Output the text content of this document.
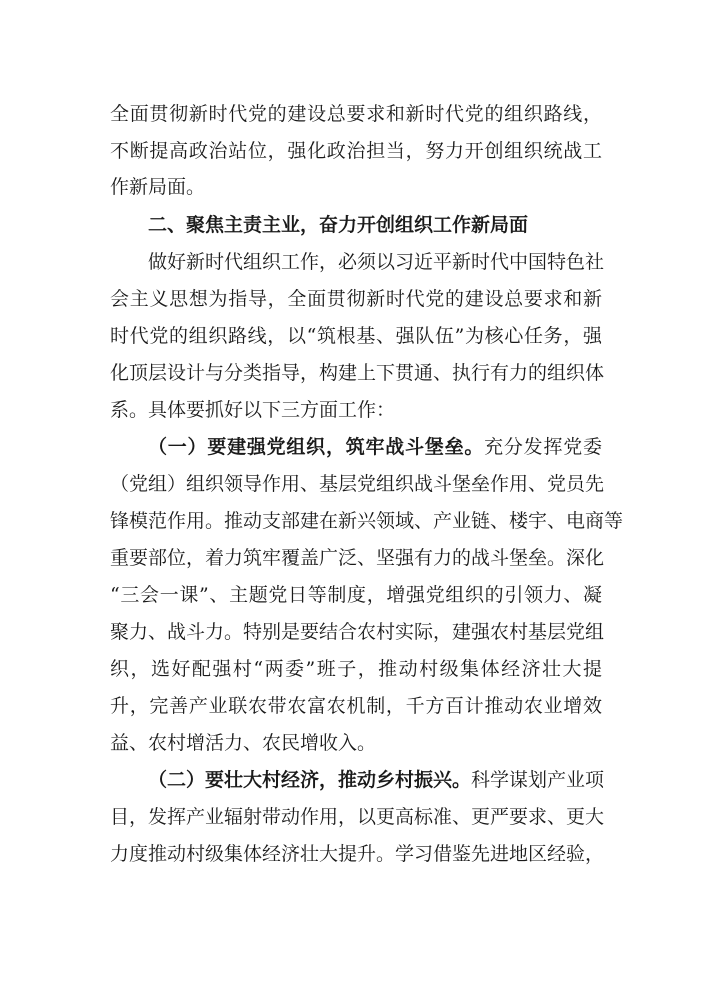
全面贯彻新时代党的建设总要求和新时代党的组织路线，
不断提高政治站位，强化政治担当，努力开创组织统战工
作新局面。
二、聚焦主责主业，奋力开创组织工作新局面
做好新时代组织工作，必须以习近平新时代中国特色社
会主义思想为指导，全面贯彻新时代党的建设总要求和新
时代党的组织路线，以“筑根基、强队伍”为核心任务，强
化顶层设计与分类指导，构建上下贯通、执行有力的组织体
系。具体要抓好以下三方面工作：
（一）要建强党组织，筑牢战斗堡垒。充分发挥党委
（党组）组织领导作用、基层党组织战斗堡垒作用、党员先
锋模范作用。推动支部建在新兴领域、产业链、楼宇、电商等
重要部位，着力筑牢覆盖广泛、坚强有力的战斗堡垒。深化
“三会一课”、主题党日等制度，增强党组织的引领力、凝
聚力、战斗力。特别是要结合农村实际，建强农村基层党组
织，选好配强村“两委”班子，推动村级集体经济壮大提
升，完善产业联农带农富农机制，千方百计推动农业增效
益、农村增活力、农民增收入。
（二）要壮大村经济，推动乡村振兴。科学谋划产业项
目，发挥产业辐射带动作用，以更高标准、更严要求、更大
力度推动村级集体经济壮大提升。学习借鉴先进地区经验，
